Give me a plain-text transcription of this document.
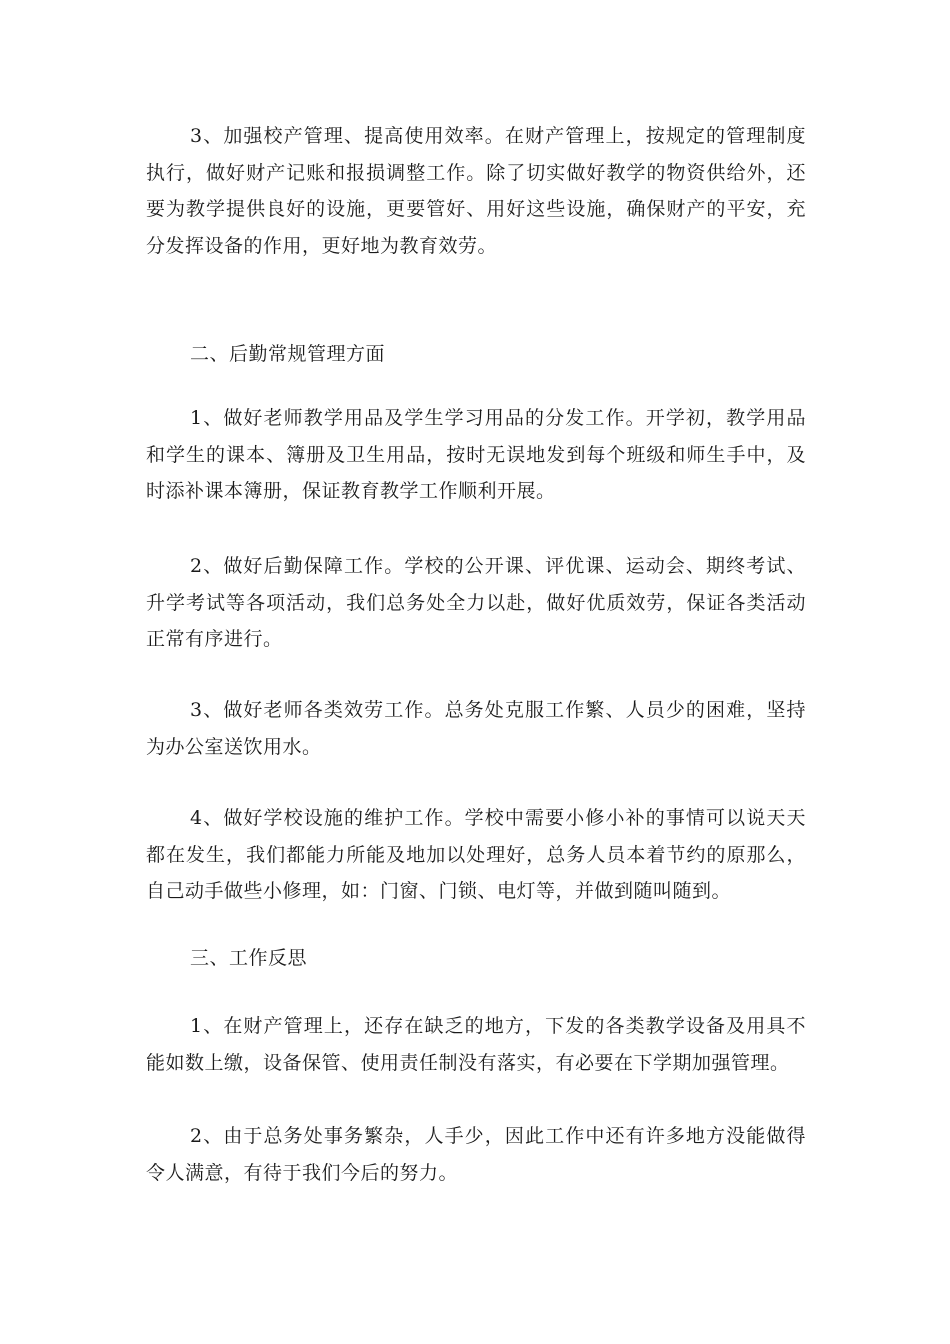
3、加强校产管理、提高使用效率。在财产管理上，按规定的管理制度执行，做好财产记账和报损调整工作。除了切实做好教学的物资供给外，还要为教学提供良好的设施，更要管好、用好这些设施，确保财产的平安，充分发挥设备的作用，更好地为教育效劳。

二、后勤常规管理方面

1、做好老师教学用品及学生学习用品的分发工作。开学初，教学用品和学生的课本、簿册及卫生用品，按时无误地发到每个班级和师生手中，及时添补课本簿册，保证教育教学工作顺利开展。

2、做好后勤保障工作。学校的公开课、评优课、运动会、期终考试、升学考试等各项活动，我们总务处全力以赴，做好优质效劳，保证各类活动正常有序进行。

3、做好老师各类效劳工作。总务处克服工作繁、人员少的困难，坚持为办公室送饮用水。

4、做好学校设施的维护工作。学校中需要小修小补的事情可以说天天都在发生，我们都能力所能及地加以处理好，总务人员本着节约的原那么，自己动手做些小修理，如：门窗、门锁、电灯等，并做到随叫随到。

三、工作反思

1、在财产管理上，还存在缺乏的地方，下发的各类教学设备及用具不能如数上缴，设备保管、使用责任制没有落实，有必要在下学期加强管理。

2、由于总务处事务繁杂，人手少，因此工作中还有许多地方没能做得令人满意，有待于我们今后的努力。
